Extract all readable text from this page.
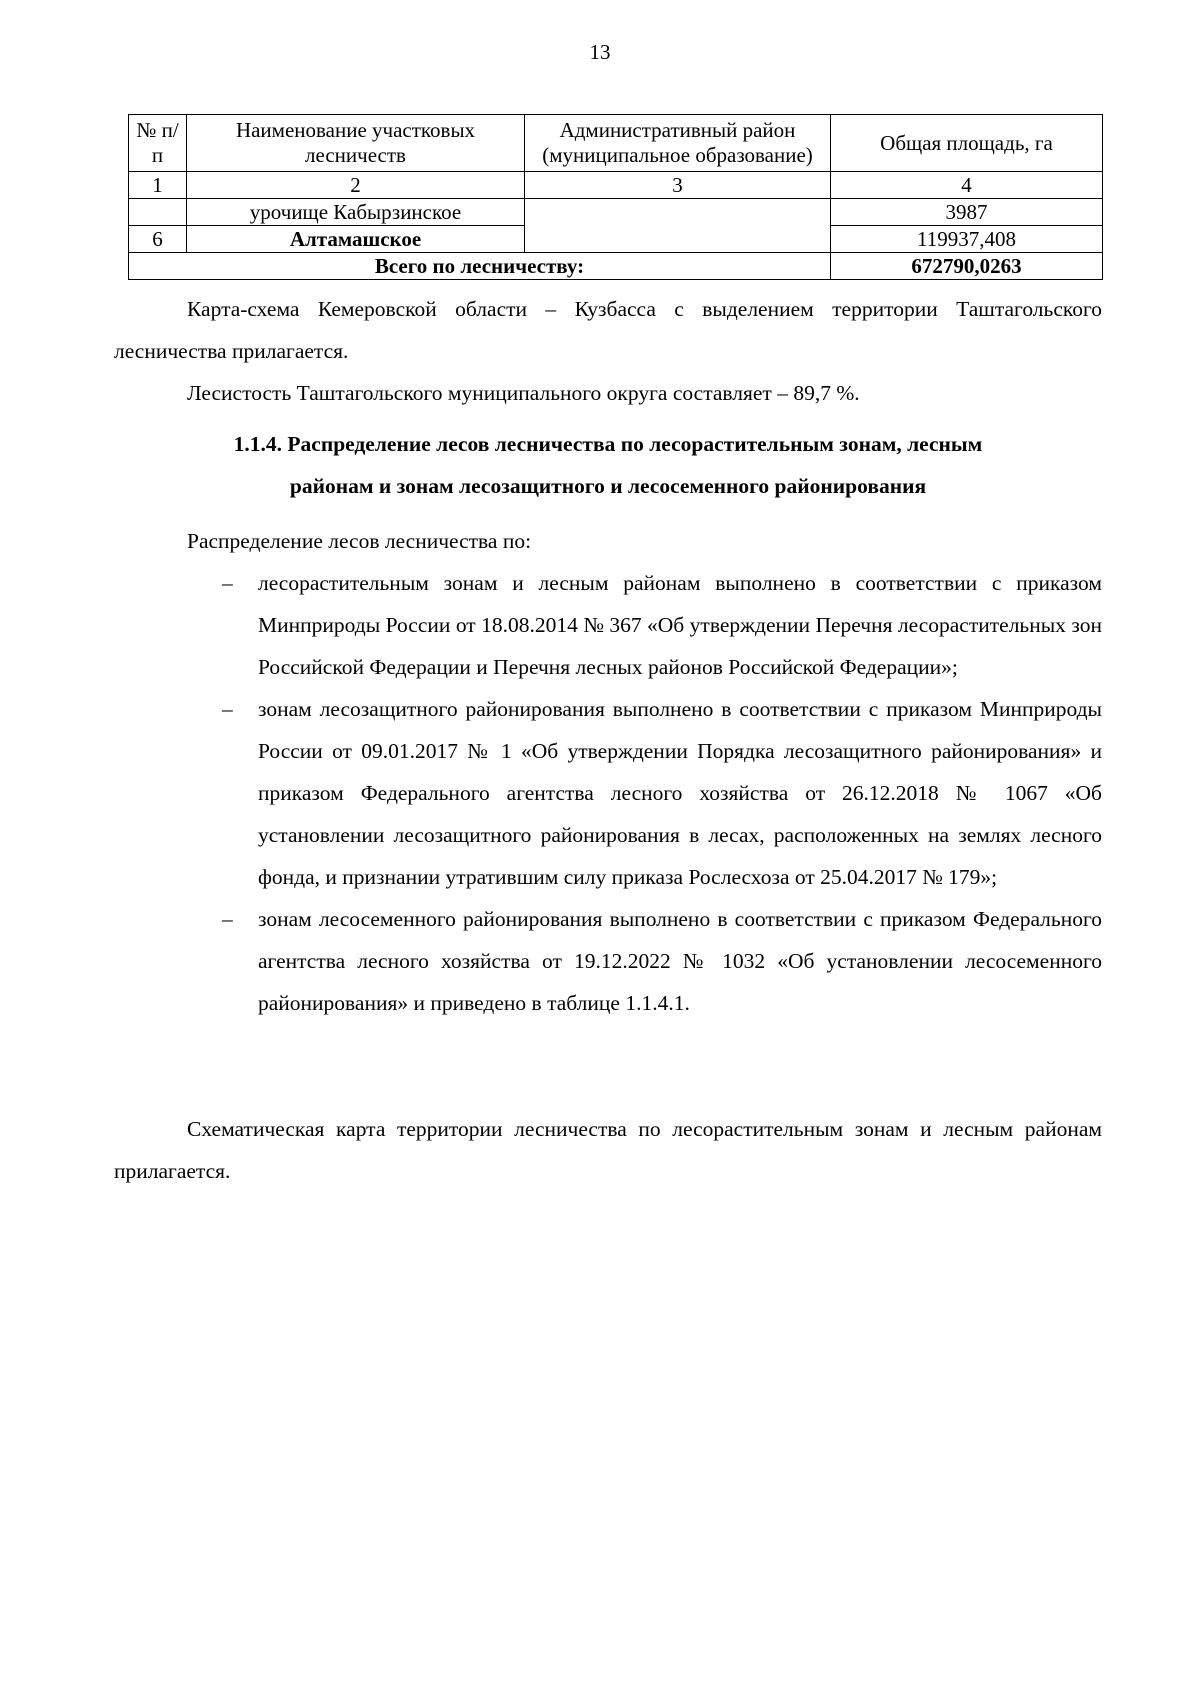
13
№ п/п	Наименование участковых лесничеств	Административный район (муниципальное образование)	Общая площадь, га
1	2	3	4
	урочище Кабырзинское		3987
6	Алтамашское		119937,408
Всего по лесничеству:			672790,0263
Карта-схема Кемеровской области – Кузбасса с выделением территории Таштагольского лесничества прилагается.
Лесистость Таштагольского муниципального округа составляет – 89,7 %.
1.1.4. Распределение лесов лесничества по лесорастительным зонам, лесным
районам и зонам лесозащитного и лесосеменного районирования
Распределение лесов лесничества по:
– лесорастительным зонам и лесным районам выполнено в соответствии с приказом Минприроды России от 18.08.2014 № 367 «Об утверждении Перечня лесорастительных зон Российской Федерации и Перечня лесных районов Российской Федерации»;
– зонам лесозащитного районирования выполнено в соответствии с приказом Минприроды России от 09.01.2017 № 1 «Об утверждении Порядка лесозащитного районирования» и приказом Федерального агентства лесного хозяйства от 26.12.2018 № 1067 «Об установлении лесозащитного районирования в лесах, расположенных на землях лесного фонда, и признании утратившим силу приказа Рослесхоза от 25.04.2017 № 179»;
– зонам лесосеменного районирования выполнено в соответствии с приказом Федерального агентства лесного хозяйства от 19.12.2022 № 1032 «Об установлении лесосеменного районирования» и приведено в таблице 1.1.4.1.
Схематическая карта территории лесничества по лесорастительным зонам и лесным районам прилагается.
